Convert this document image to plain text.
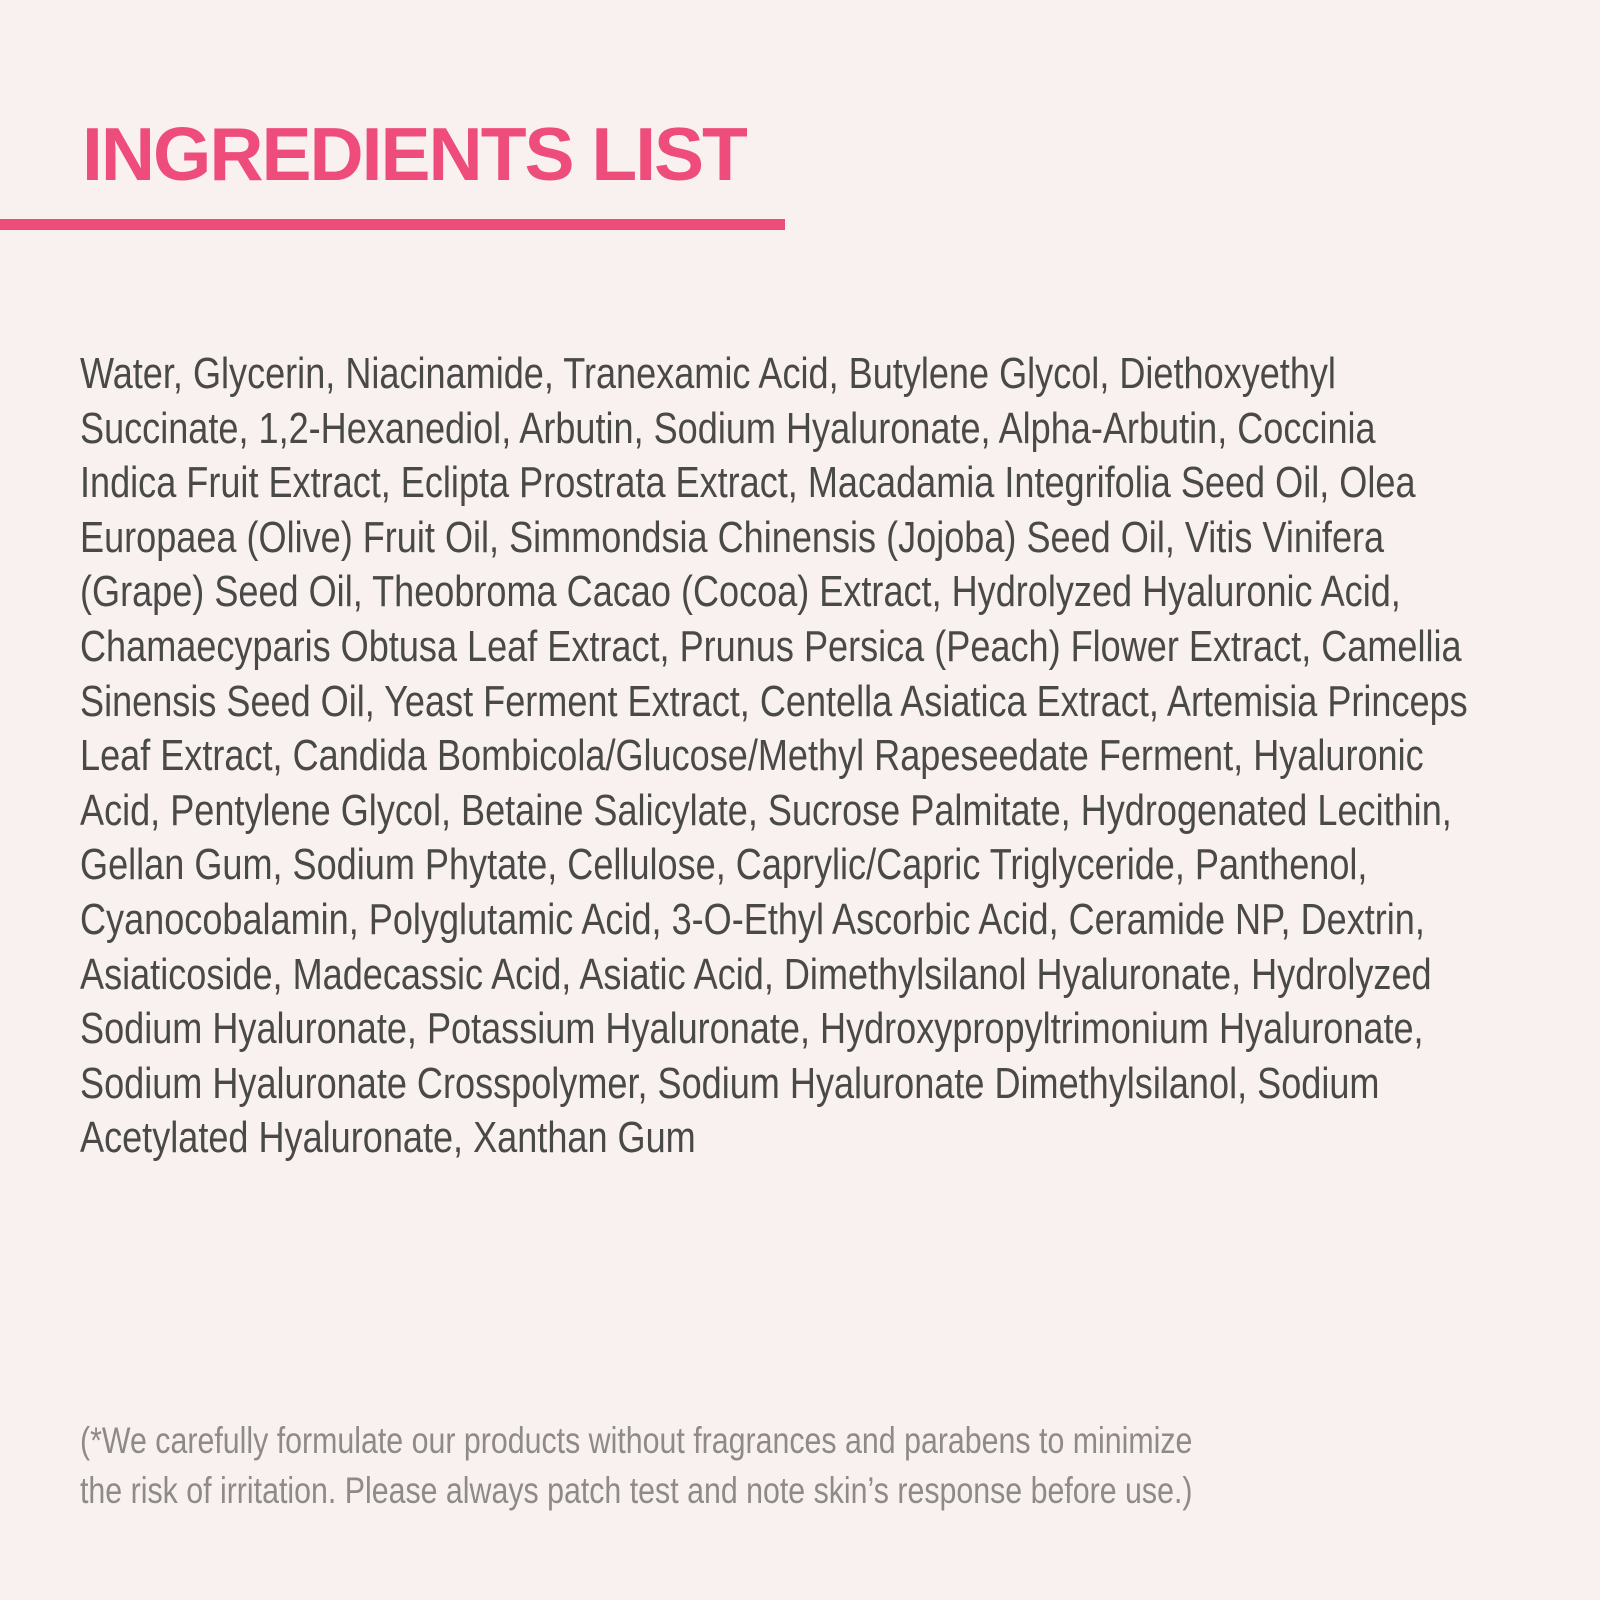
INGREDIENTS LIST
Water, Glycerin, Niacinamide, Tranexamic Acid, Butylene Glycol, Diethoxyethyl
Succinate, 1,2-Hexanediol, Arbutin, Sodium Hyaluronate, Alpha-Arbutin, Coccinia
Indica Fruit Extract, Eclipta Prostrata Extract, Macadamia Integrifolia Seed Oil, Olea
Europaea (Olive) Fruit Oil, Simmondsia Chinensis (Jojoba) Seed Oil, Vitis Vinifera
(Grape) Seed Oil, Theobroma Cacao (Cocoa) Extract, Hydrolyzed Hyaluronic Acid,
Chamaecyparis Obtusa Leaf Extract, Prunus Persica (Peach) Flower Extract, Camellia
Sinensis Seed Oil, Yeast Ferment Extract, Centella Asiatica Extract, Artemisia Princeps
Leaf Extract, Candida Bombicola/Glucose/Methyl Rapeseedate Ferment, Hyaluronic
Acid, Pentylene Glycol, Betaine Salicylate, Sucrose Palmitate, Hydrogenated Lecithin,
Gellan Gum, Sodium Phytate, Cellulose, Caprylic/Capric Triglyceride, Panthenol,
Cyanocobalamin, Polyglutamic Acid, 3-O-Ethyl Ascorbic Acid, Ceramide NP, Dextrin,
Asiaticoside, Madecassic Acid, Asiatic Acid, Dimethylsilanol Hyaluronate, Hydrolyzed
Sodium Hyaluronate, Potassium Hyaluronate, Hydroxypropyltrimonium Hyaluronate,
Sodium Hyaluronate Crosspolymer, Sodium Hyaluronate Dimethylsilanol, Sodium
Acetylated Hyaluronate, Xanthan Gum
(*We carefully formulate our products without fragrances and parabens to minimize
the risk of irritation. Please always patch test and note skin’s response before use.)
